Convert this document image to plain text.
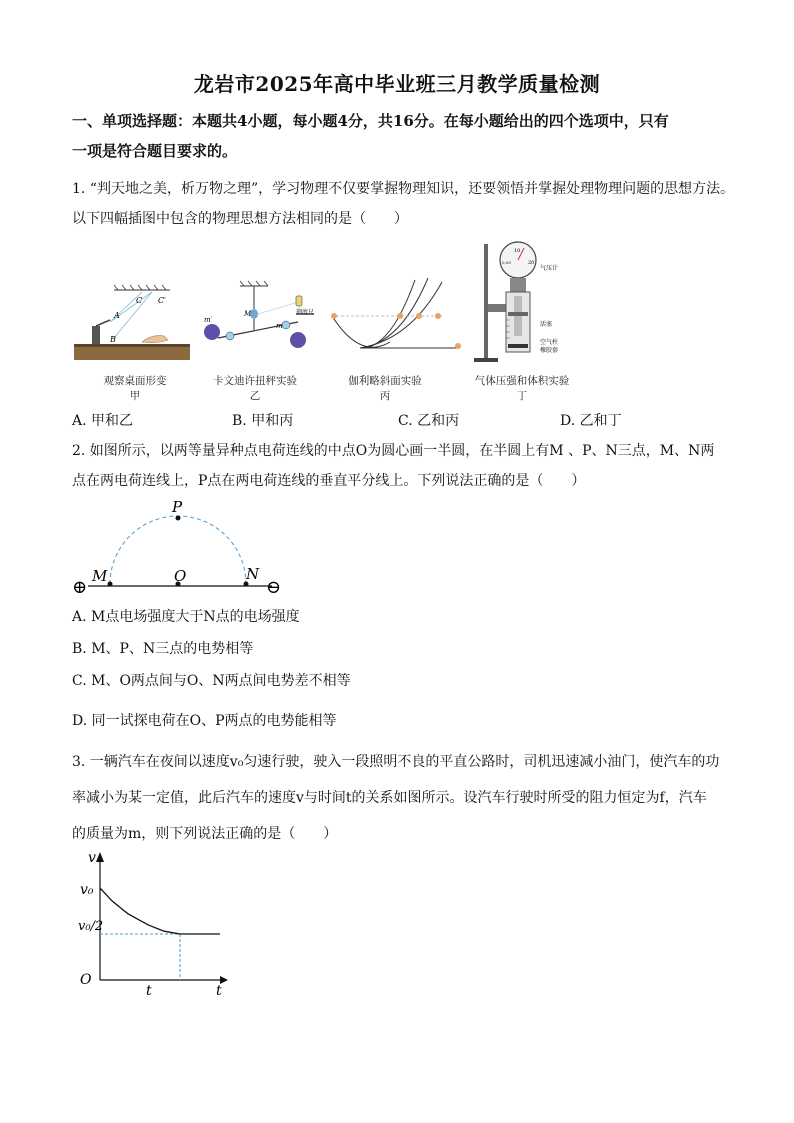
龙岩市2025年高中毕业班三月教学质量检测
一、单项选择题：本题共4小题，每小题4分，共16分。在每小题给出的四个选项中，只有
一项是符合题目要求的。
1. “判天地之美，析万物之理”，学习物理不仅要掌握物理知识，还要领悟并掌握处理物理问题的思想方法。
以下四幅插图中包含的物理思想方法相同的是（　　）
A
B
C C′
M
m
m′
刻度尺
10
0.05	20
气压计
活塞
空气柱
橡胶套
观察桌面形变
甲
卡文迪许扭秤实验
乙
伽利略斜面实验
丙
气体压强和体积实验
丁
A. 甲和乙	B. 甲和丙	C. 乙和丙	D. 乙和丁
2. 如图所示，以两等量异种点电荷连线的中点O为圆心画一半圆，在半圆上有M 、P、N三点，M、N两
点在两电荷连线上，P点在两电荷连线的垂直平分线上。下列说法正确的是（　　）
P
M	O	N
⊕	⊖
A. M点电场强度大于N点的电场强度
B. M、P、N三点的电势相等
C. M、O两点间与O、N两点间电势差不相等
D. 同一试探电荷在O、P两点的电势能相等
3. 一辆汽车在夜间以速度v₀匀速行驶，驶入一段照明不良的平直公路时，司机迅速减小油门，使汽车的功
率减小为某一定值，此后汽车的速度v与时间t的关系如图所示。设汽车行驶时所受的阻力恒定为f，汽车
的质量为m，则下列说法正确的是（　　）
v
t
O
t
v₀
v₀/2
